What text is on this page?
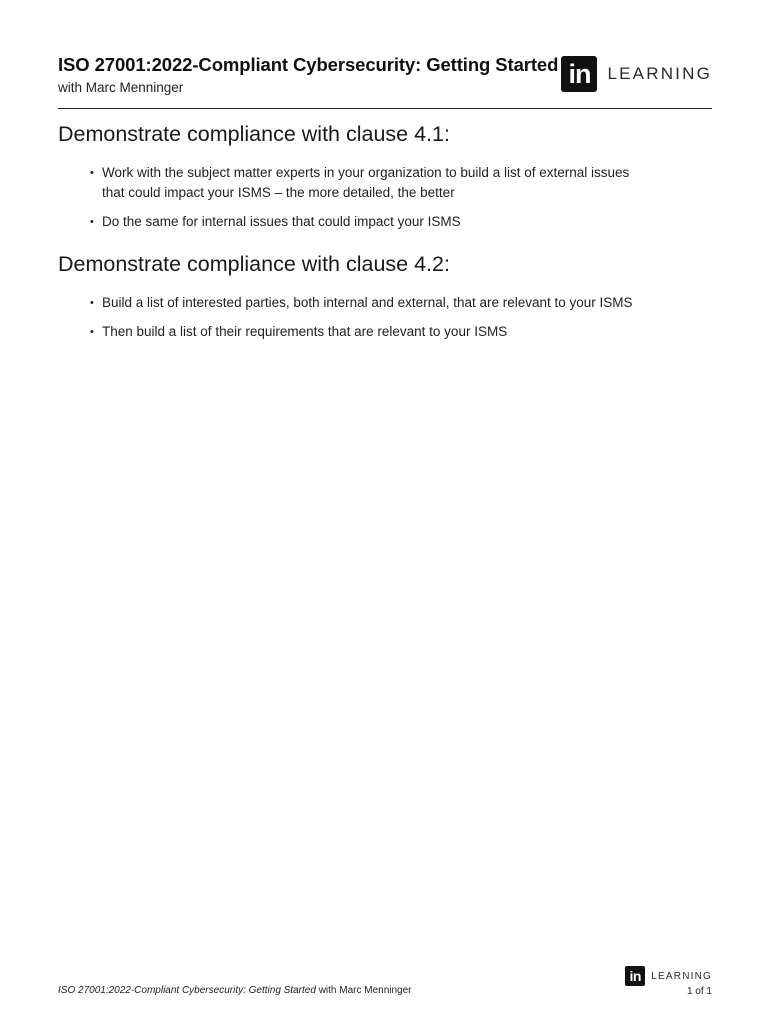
ISO 27001:2022-Compliant Cybersecurity: Getting Started
with Marc Menninger	in	LEARNING
Demonstrate compliance with clause 4.1:
• Work with the subject matter experts in your organization to build a list of external issues that could impact your ISMS – the more detailed, the better
• Do the same for internal issues that could impact your ISMS
Demonstrate compliance with clause 4.2:
• Build a list of interested parties, both internal and external, that are relevant to your ISMS
• Then build a list of their requirements that are relevant to your ISMS
in	LEARNING
ISO 27001:2022-Compliant Cybersecurity: Getting Started with Marc Menninger	1 of 1
